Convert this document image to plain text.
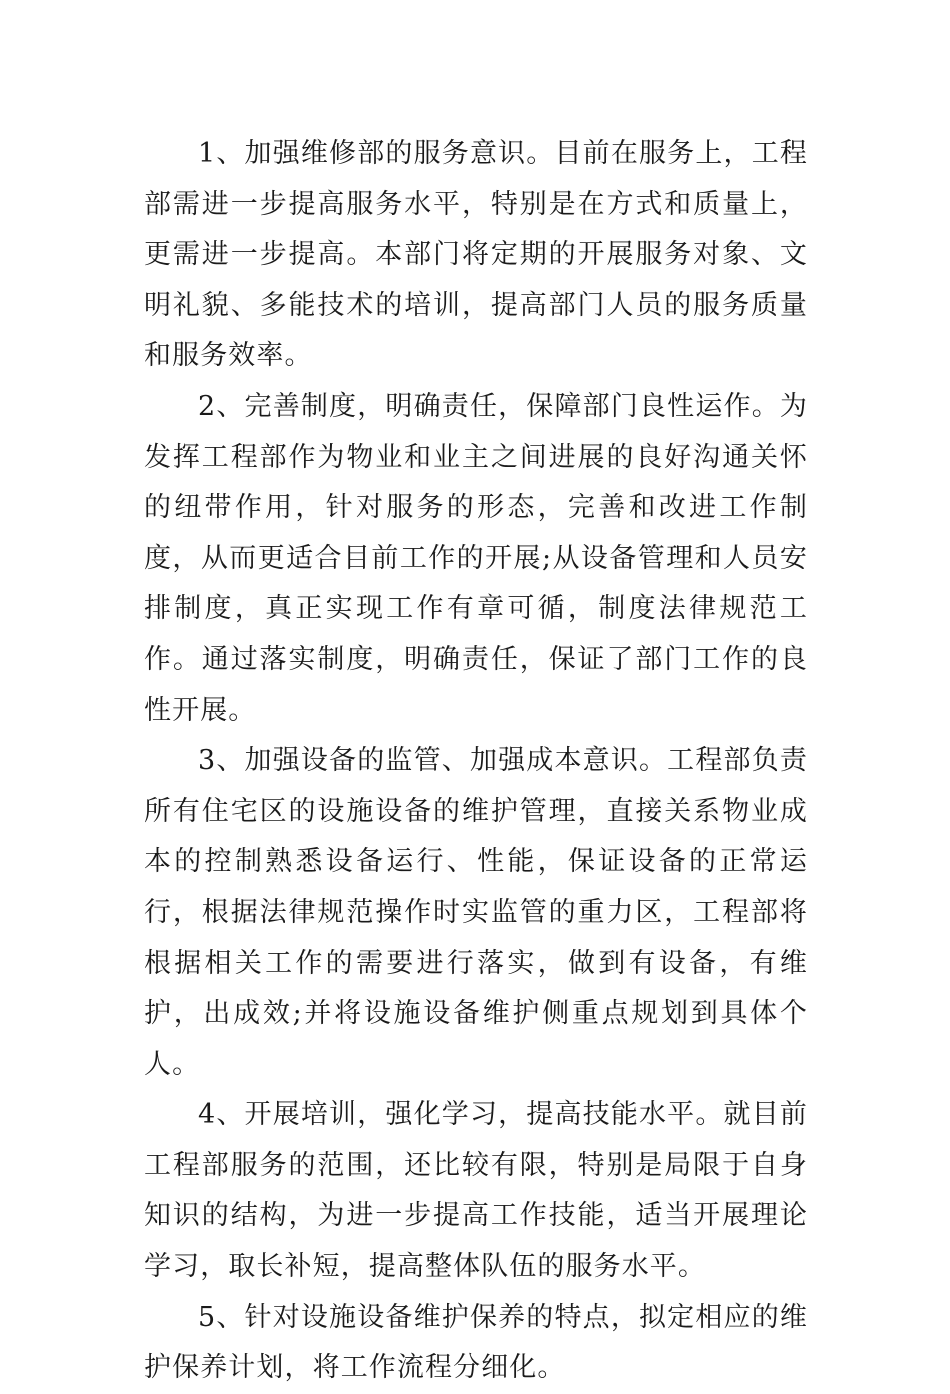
1、加强维修部的服务意识。目前在服务上，工程部需进一步提高服务水平，特别是在方式和质量上，更需进一步提高。本部门将定期的开展服务对象、文明礼貌、多能技术的培训，提高部门人员的服务质量和服务效率。

2、完善制度，明确责任，保障部门良性运作。为发挥工程部作为物业和业主之间进展的良好沟通关怀的纽带作用，针对服务的形态，完善和改进工作制度，从而更适合目前工作的开展;从设备管理和人员安排制度，真正实现工作有章可循，制度法律规范工作。通过落实制度，明确责任，保证了部门工作的良性开展。

3、加强设备的监管、加强成本意识。工程部负责所有住宅区的设施设备的维护管理，直接关系物业成本的控制熟悉设备运行、性能，保证设备的正常运行，根据法律规范操作时实监管的重力区，工程部将根据相关工作的需要进行落实，做到有设备，有维护，出成效;并将设施设备维护侧重点规划到具体个人。

4、开展培训，强化学习，提高技能水平。就目前工程部服务的范围，还比较有限，特别是局限于自身知识的结构，为进一步提高工作技能，适当开展理论学习，取长补短，提高整体队伍的服务水平。

5、针对设施设备维护保养的特点，拟定相应的维护保养计划，将工作流程分细化。
